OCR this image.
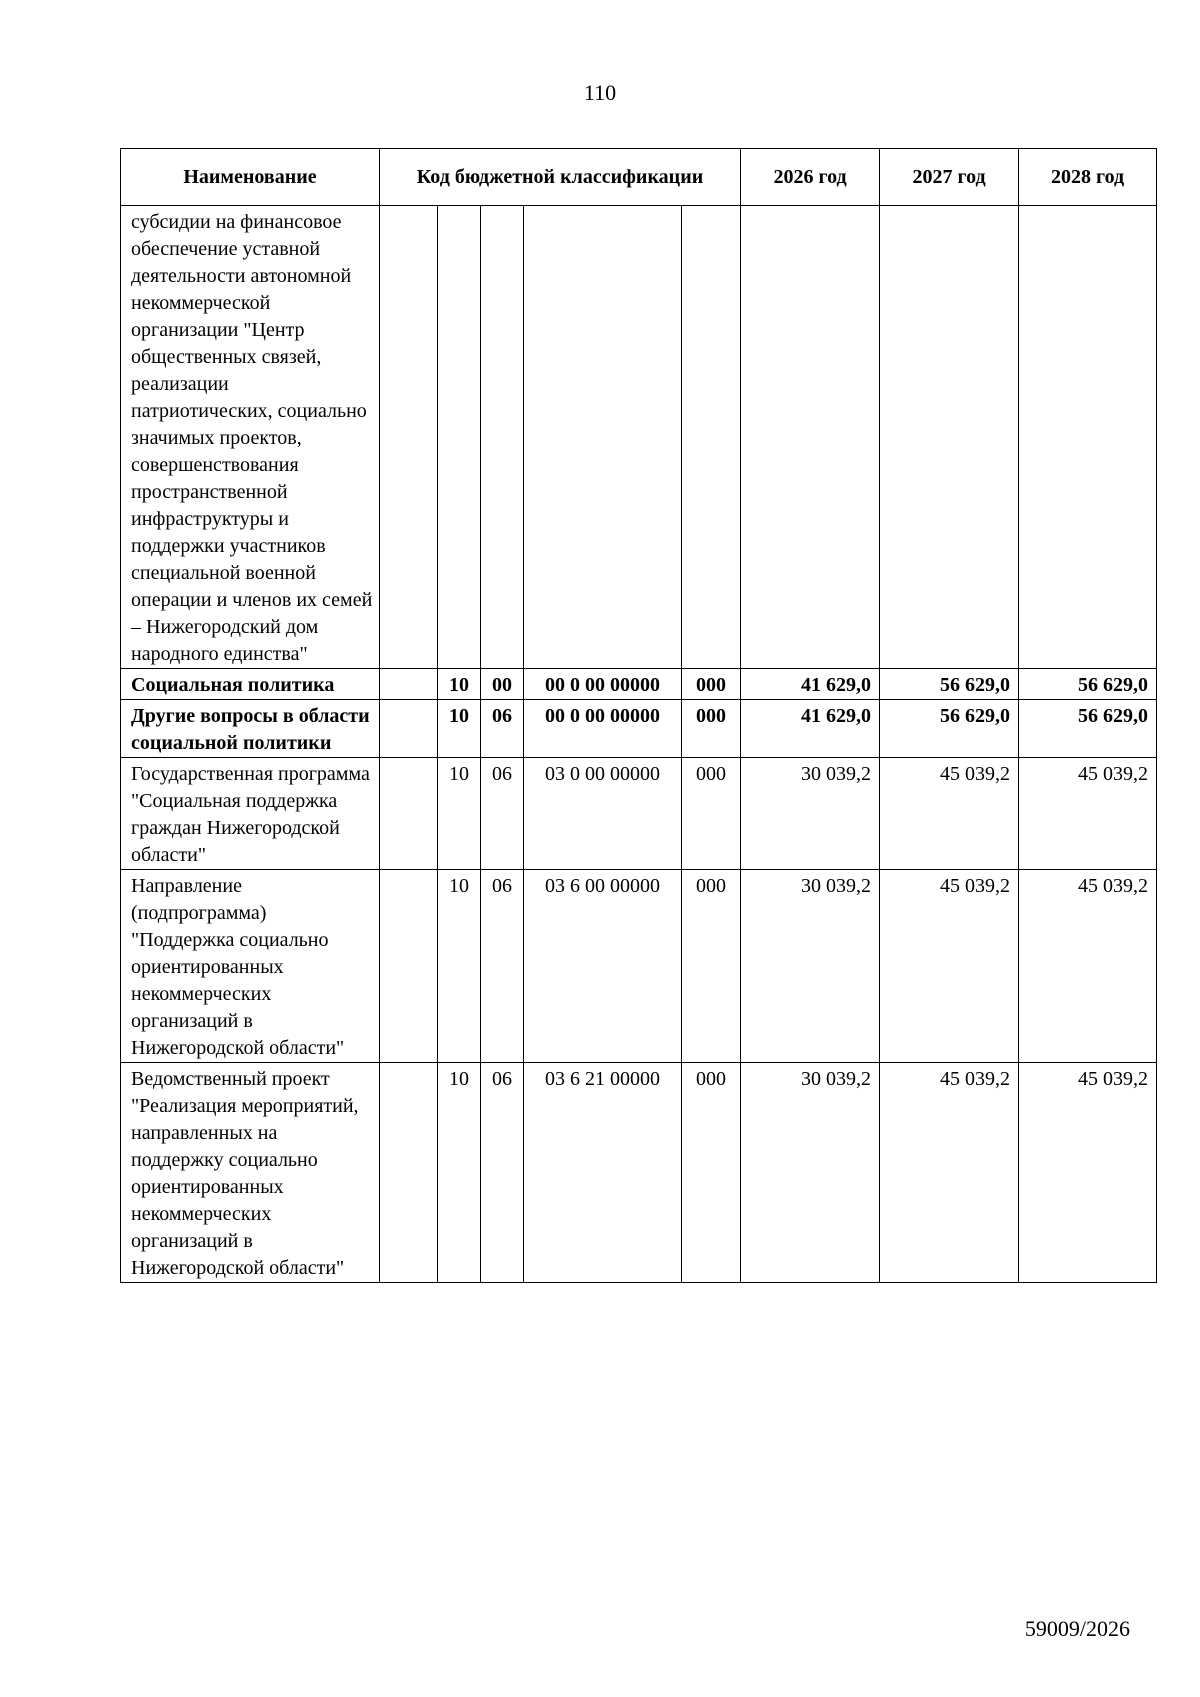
110
Наименование	Код бюджетной классификации					2026 год	2027 год	2028 год
субсидии на финансовое обеспечение уставной деятельности автономной некоммерческой организации "Центр общественных связей, реализации патриотических, социально значимых проектов, совершенствования пространственной инфраструктуры и поддержки участников специальной военной операции и членов их семей – Нижегородский дом народного единства"								
Социальная политика		10	00	00 0 00 00000	000	41 629,0	56 629,0	56 629,0
Другие вопросы в области социальной политики		10	06	00 0 00 00000	000	41 629,0	56 629,0	56 629,0
Государственная программа "Социальная поддержка граждан Нижегородской области"		10	06	03 0 00 00000	000	30 039,2	45 039,2	45 039,2
Направление (подпрограмма) "Поддержка социально ориентированных некоммерческих организаций в Нижегородской области"		10	06	03 6 00 00000	000	30 039,2	45 039,2	45 039,2
Ведомственный проект "Реализация мероприятий, направленных на поддержку социально ориентированных некоммерческих организаций в Нижегородской области"		10	06	03 6 21 00000	000	30 039,2	45 039,2	45 039,2
59009/2026
